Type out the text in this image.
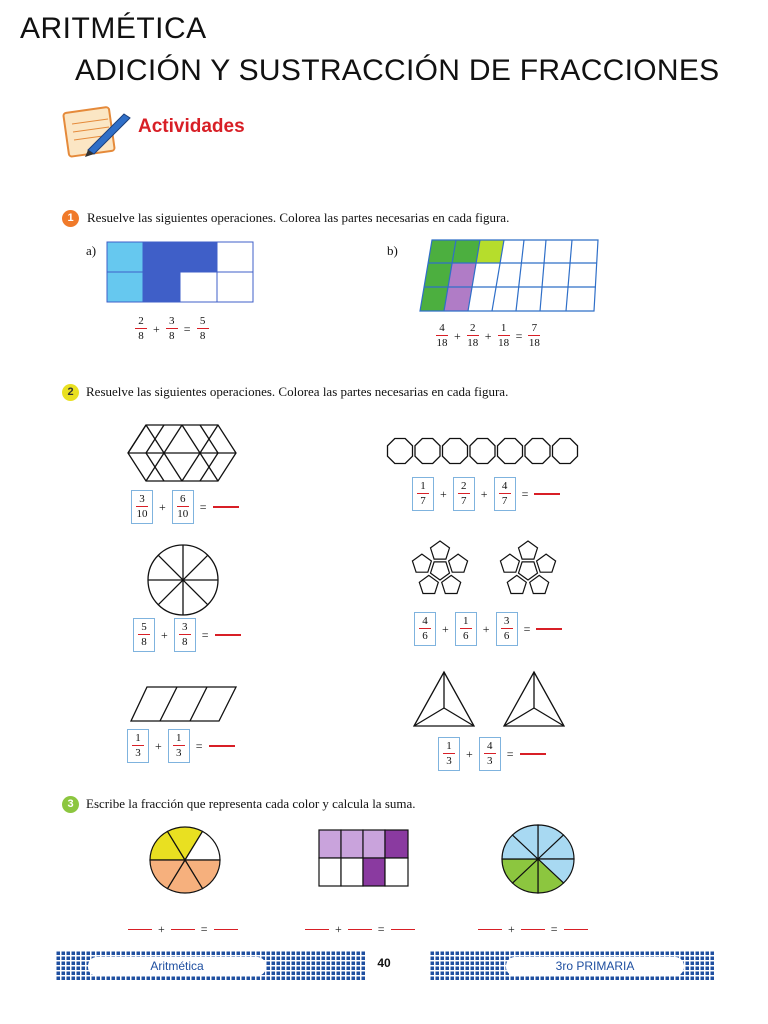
ARITMÉTICA
ADICIÓN Y SUSTRACCIÓN DE FRACCIONES
Actividades
1	Resuelve las siguientes operaciones. Colorea las partes necesarias en cada figura.
a)
2
8
+
3
8
=
5
8
b)
4
18
+
2
18
+
1
18
=
7
18
2 Resuelve las siguientes operaciones. Colorea las partes necesarias en cada figura.
3
10
+
6
10
=
1
7
+
2
7
+
4
7
=
5
8
+
3
8
=
4
6
+
1
6
+
3
6
=
1
3
+
1
3
=	1
3
+
4
3
=
3 Escribe la fracción que representa cada color y calcula la suma.
+	=	+	=	+	=
Aritmética	40	3ro PRIMARIA
